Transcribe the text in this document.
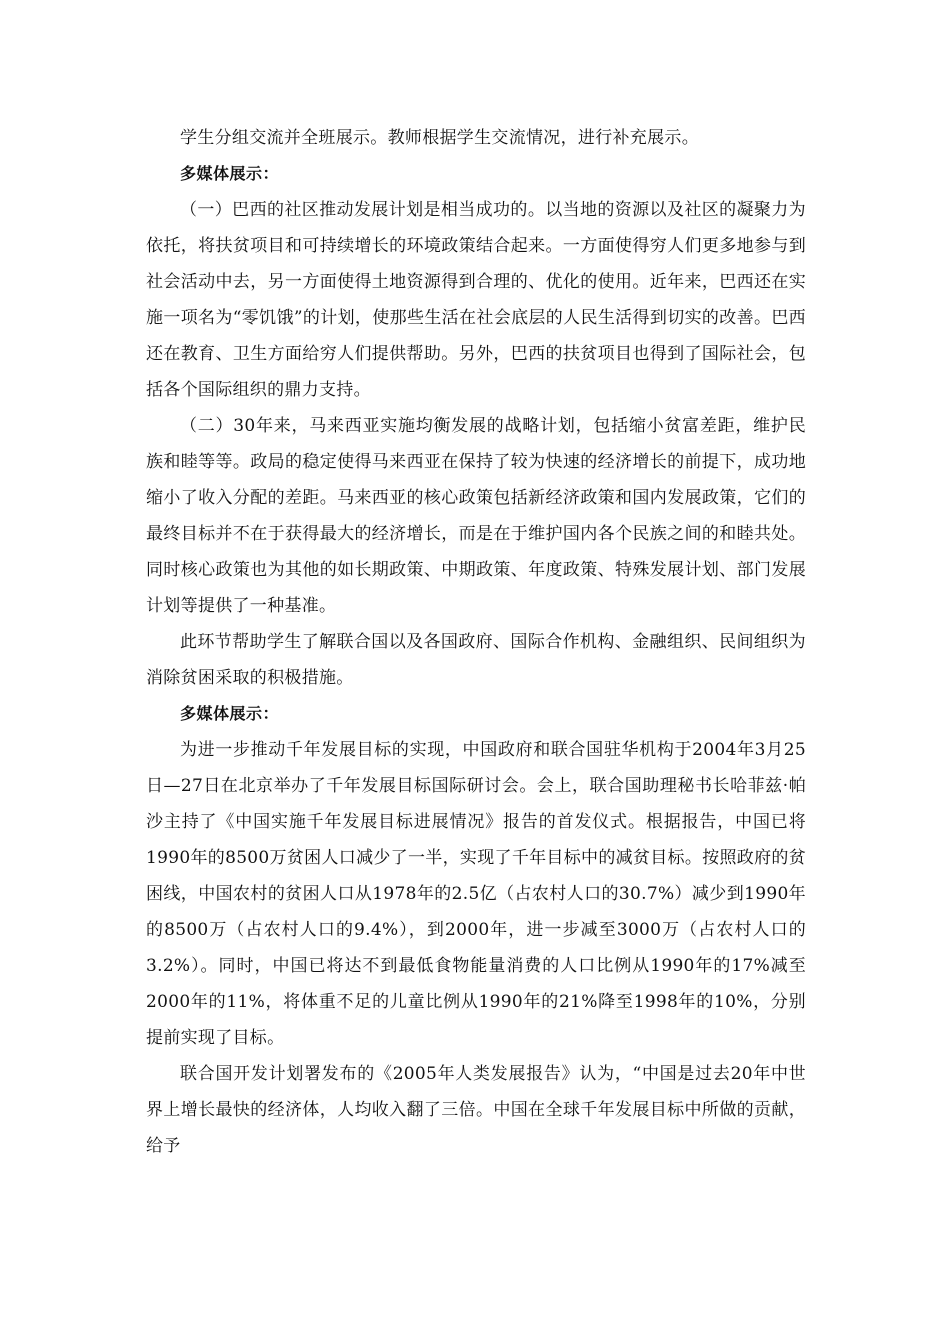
学生分组交流并全班展示。教师根据学生交流情况，进行补充展示。

多媒体展示：

（一）巴西的社区推动发展计划是相当成功的。以当地的资源以及社区的凝聚力为依托，将扶贫项目和可持续增长的环境政策结合起来。一方面使得穷人们更多地参与到社会活动中去，另一方面使得土地资源得到合理的、优化的使用。近年来，巴西还在实施一项名为“零饥饿”的计划，使那些生活在社会底层的人民生活得到切实的改善。巴西还在教育、卫生方面给穷人们提供帮助。另外，巴西的扶贫项目也得到了国际社会，包括各个国际组织的鼎力支持。

（二）30年来，马来西亚实施均衡发展的战略计划，包括缩小贫富差距，维护民族和睦等等。政局的稳定使得马来西亚在保持了较为快速的经济增长的前提下，成功地缩小了收入分配的差距。马来西亚的核心政策包括新经济政策和国内发展政策，它们的最终目标并不在于获得最大的经济增长，而是在于维护国内各个民族之间的和睦共处。同时核心政策也为其他的如长期政策、中期政策、年度政策、特殊发展计划、部门发展计划等提供了一种基准。

此环节帮助学生了解联合国以及各国政府、国际合作机构、金融组织、民间组织为消除贫困采取的积极措施。

多媒体展示：

为进一步推动千年发展目标的实现，中国政府和联合国驻华机构于2004年3月25日—27日在北京举办了千年发展目标国际研讨会。会上，联合国助理秘书长哈菲兹·帕沙主持了《中国实施千年发展目标进展情况》报告的首发仪式。根据报告，中国已将1990年的8500万贫困人口减少了一半，实现了千年目标中的减贫目标。按照政府的贫困线，中国农村的贫困人口从1978年的2.5亿（占农村人口的30.7%）减少到1990年的8500万（占农村人口的9.4%），到2000年，进一步减至3000万（占农村人口的3.2%）。同时，中国已将达不到最低食物能量消费的人口比例从1990年的17%减至2000年的11%，将体重不足的儿童比例从1990年的21%降至1998年的10%，分别提前实现了目标。

联合国开发计划署发布的《2005年人类发展报告》认为，“中国是过去20年中世界上增长最快的经济体，人均收入翻了三倍。中国在全球千年发展目标中所做的贡献，给予
